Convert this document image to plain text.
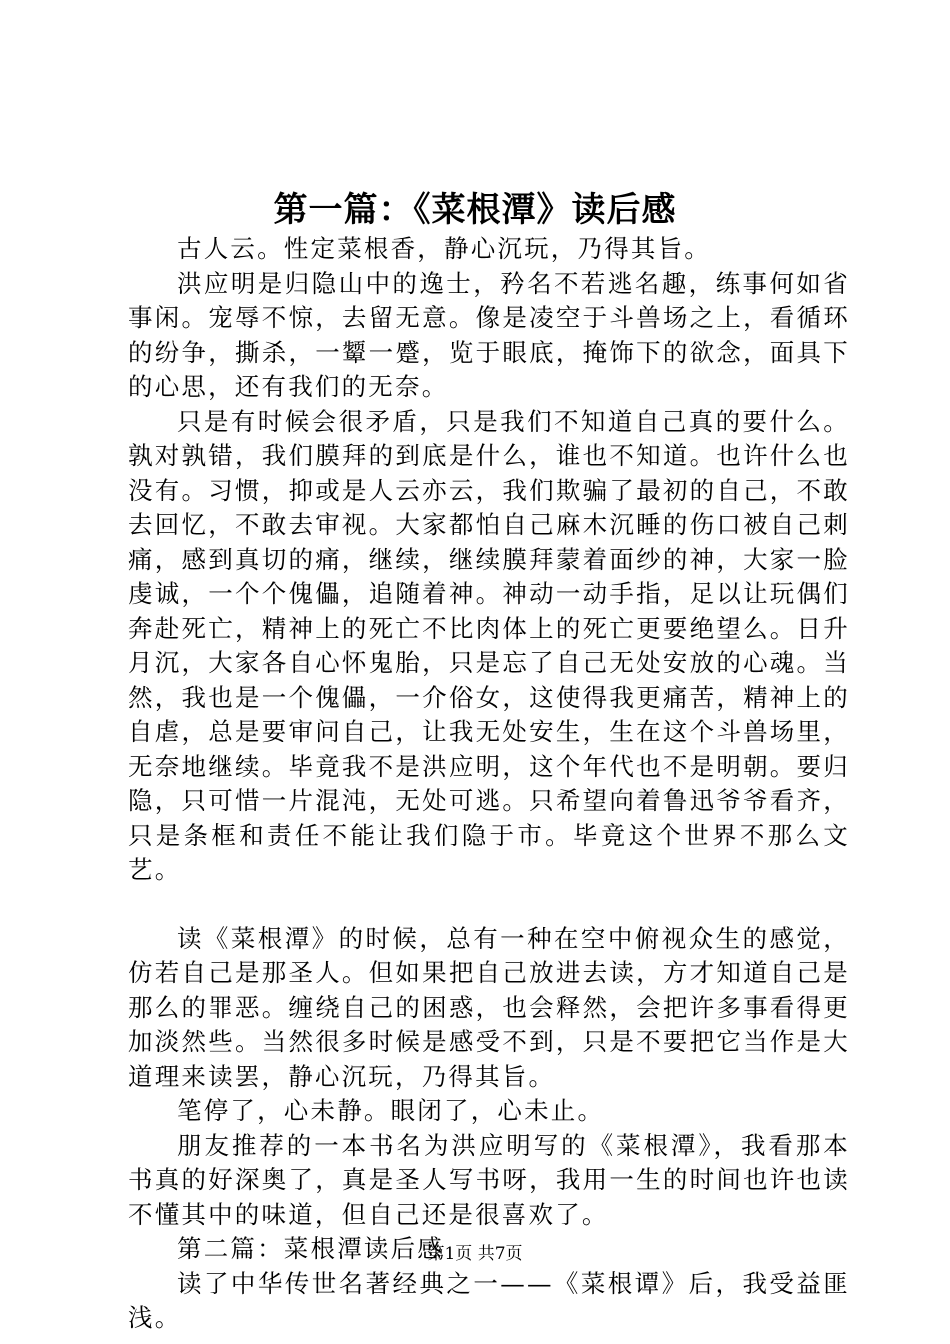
第一篇：《菜根潭》读后感

古人云。性定菜根香，静心沉玩，乃得其旨。

洪应明是归隐山中的逸士，矜名不若逃名趣，练事何如省事闲。宠辱不惊，去留无意。像是凌空于斗兽场之上，看循环的纷争，撕杀，一颦一蹙，览于眼底，掩饰下的欲念，面具下的心思，还有我们的无奈。

只是有时候会很矛盾，只是我们不知道自己真的要什么。孰对孰错，我们膜拜的到底是什么，谁也不知道。也许什么也没有。习惯，抑或是人云亦云，我们欺骗了最初的自己，不敢去回忆，不敢去审视。大家都怕自己麻木沉睡的伤口被自己刺痛，感到真切的痛，继续，继续膜拜蒙着面纱的神，大家一脸虔诚，一个个傀儡，追随着神。神动一动手指，足以让玩偶们奔赴死亡，精神上的死亡不比肉体上的死亡更要绝望么。日升月沉，大家各自心怀鬼胎，只是忘了自己无处安放的心魂。当然，我也是一个傀儡，一介俗女，这使得我更痛苦，精神上的自虐，总是要审问自己，让我无处安生，生在这个斗兽场里，无奈地继续。毕竟我不是洪应明，这个年代也不是明朝。要归隐，只可惜一片混沌，无处可逃。只希望向着鲁迅爷爷看齐，只是条框和责任不能让我们隐于市。毕竟这个世界不那么文艺。

读《菜根潭》的时候，总有一种在空中俯视众生的感觉，仿若自己是那圣人。但如果把自己放进去读，方才知道自己是那么的罪恶。缠绕自己的困惑，也会释然，会把许多事看得更加淡然些。当然很多时候是感受不到，只是不要把它当作是大道理来读罢，静心沉玩，乃得其旨。

笔停了，心未静。眼闭了，心未止。

朋友推荐的一本书名为洪应明写的《菜根潭》，我看那本书真的好深奥了，真是圣人写书呀，我用一生的时间也许也读不懂其中的味道，但自己还是很喜欢了。

第二篇：菜根潭读后感

读了中华传世名著经典之一——《菜根谭》后，我受益匪浅。

第1页 共7页
